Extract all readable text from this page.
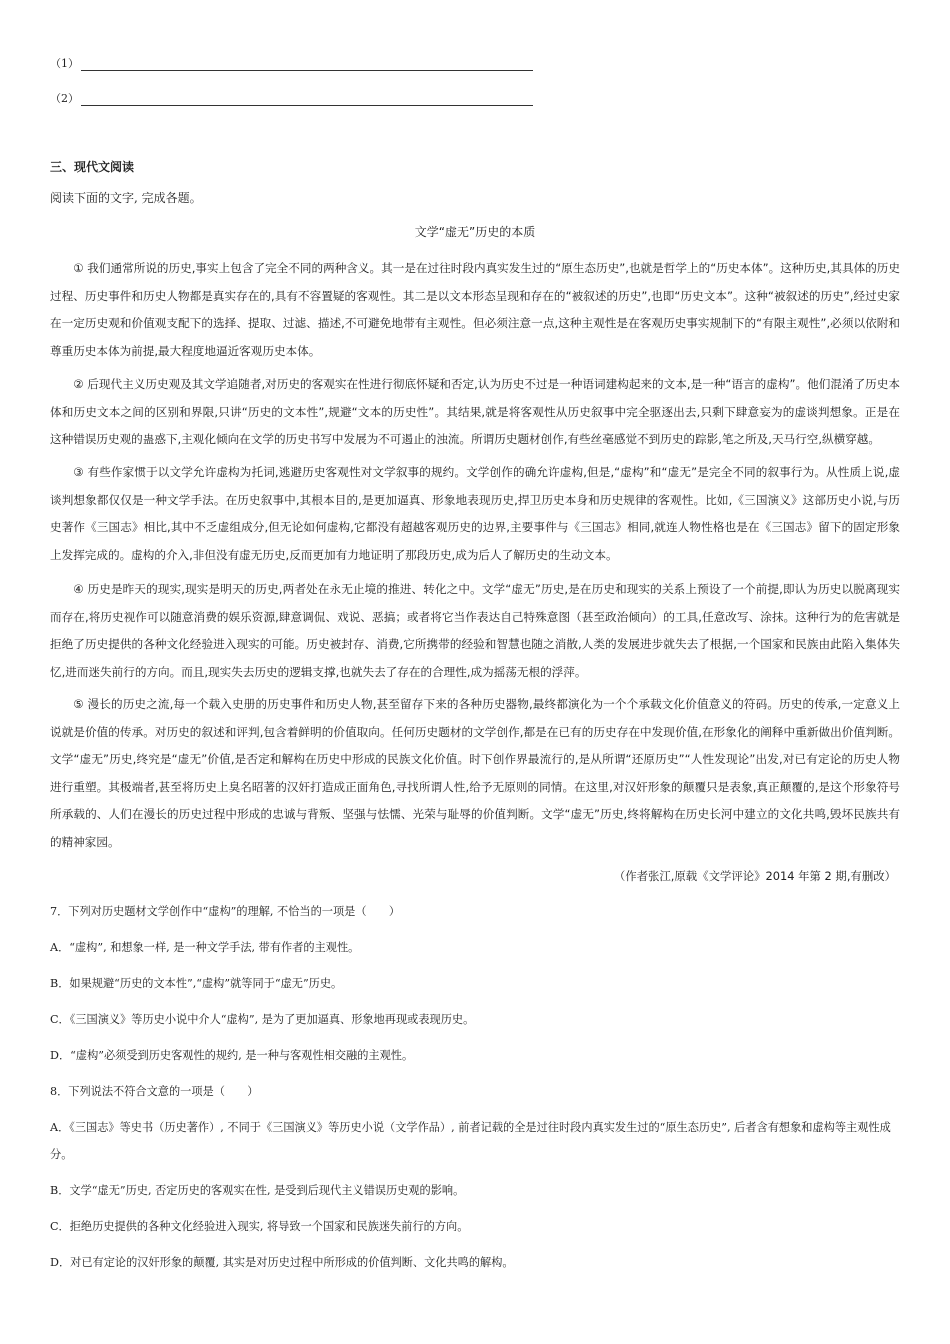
（1）
（2）
三、现代文阅读
阅读下面的文字, 完成各题。
文学“虚无”历史的本质

① 我们通常所说的历史,事实上包含了完全不同的两种含义。其一是在过往时段内真实发生过的“原生态历史”,也就是哲学上的“历史本体”。这种历史,其具体的历史过程、历史事件和历史人物都是真实存在的,具有不容置疑的客观性。其二是以文本形态呈现和存在的“被叙述的历史”,也即“历史文本”。这种“被叙述的历史”,经过史家在一定历史观和价值观支配下的选择、提取、过滤、描述,不可避免地带有主观性。但必须注意一点,这种主观性是在客观历史事实规制下的“有限主观性”,必须以依附和尊重历史本体为前提,最大程度地逼近客观历史本体。

② 后现代主义历史观及其文学追随者,对历史的客观实在性进行彻底怀疑和否定,认为历史不过是一种语词建构起来的文本,是一种“语言的虚构”。他们混淆了历史本体和历史文本之间的区别和界限,只讲“历史的文本性”,规避“文本的历史性”。其结果,就是将客观性从历史叙事中完全驱逐出去,只剩下肆意妄为的虚谈判想象。正是在这种错误历史观的蛊惑下,主观化倾向在文学的历史书写中发展为不可遏止的浊流。所谓历史题材创作,有些丝毫感觉不到历史的踪影,笔之所及,天马行空,纵横穿越。

③ 有些作家惯于以文学允许虚构为托词,逃避历史客观性对文学叙事的规约。文学创作的确允许虚构,但是,“虚构”和“虚无”是完全不同的叙事行为。从性质上说,虚谈判想象都仅仅是一种文学手法。在历史叙事中,其根本目的,是更加逼真、形象地表现历史,捍卫历史本身和历史规律的客观性。比如,《三国演义》这部历史小说,与历史著作《三国志》相比,其中不乏虚组成分,但无论如何虚构,它都没有超越客观历史的边界,主要事件与《三国志》相同,就连人物性格也是在《三国志》留下的固定形象上发挥完成的。虚构的介入,非但没有虚无历史,反而更加有力地证明了那段历史,成为后人了解历史的生动文本。

④ 历史是昨天的现实,现实是明天的历史,两者处在永无止境的推进、转化之中。文学“虚无”历史,是在历史和现实的关系上预设了一个前提,即认为历史以脱离现实而存在,将历史视作可以随意消费的娱乐资源,肆意调侃、戏说、恶搞；或者将它当作表达自己特殊意图（甚至政治倾向）的工具,任意改写、涂抹。这种行为的危害就是拒绝了历史提供的各种文化经验进入现实的可能。历史被封存、消费,它所携带的经验和智慧也随之消散,人类的发展进步就失去了根据,一个国家和民族由此陷入集体失忆,进而迷失前行的方向。而且,现实失去历史的逻辑支撑,也就失去了存在的合理性,成为摇荡无根的浮萍。

⑤ 漫长的历史之流,每一个载入史册的历史事件和历史人物,甚至留存下来的各种历史器物,最终都演化为一个个承载文化价值意义的符码。历史的传承,一定意义上说就是价值的传承。对历史的叙述和评判,包含着鲜明的价值取向。任何历史题材的文学创作,都是在已有的历史存在中发现价值,在形象化的阐释中重新做出价值判断。文学“虚无”历史,终究是“虚无”价值,是否定和解构在历史中形成的民族文化价值。时下创作界最流行的,是从所谓“还原历史”“人性发现论”出发,对已有定论的历史人物进行重塑。其极端者,甚至将历史上臭名昭著的汉奸打造成正面角色,寻找所谓人性,给予无原则的同情。在这里,对汉奸形象的颠覆只是表象,真正颠覆的,是这个形象符号所承载的、人们在漫长的历史过程中形成的忠诚与背叛、坚强与怯懦、光荣与耻辱的价值判断。文学“虚无”历史,终将解构在历史长河中建立的文化共鸣,毁坏民族共有的精神家园。

（作者张江,原载《文学评论》2014 年第 2 期,有删改）

7．下列对历史题材文学创作中“虚构”的理解, 不恰当的一项是（　　）

A．“虚构”, 和想象一样, 是一种文学手法, 带有作者的主观性。

B．如果规避“历史的文本性”,“虚构”就等同于“虚无”历史。

C．《三国演义》等历史小说中介人“虚构”, 是为了更加逼真、形象地再现或表现历史。

D．“虚构”必须受到历史客观性的规约, 是一种与客观性相交融的主观性。

8．下列说法不符合文意的一项是（　　）

A．《三国志》等史书（历史著作）, 不同于《三国演义》等历史小说（文学作品）, 前者记载的全是过往时段内真实发生过的“原生态历史”, 后者含有想象和虚构等主观性成分。

B．文学“虚无”历史, 否定历史的客观实在性, 是受到后现代主义错误历史观的影响。

C．拒绝历史提供的各种文化经验进入现实, 将导致一个国家和民族迷失前行的方向。

D．对已有定论的汉奸形象的颠覆, 其实是对历史过程中所形成的价值判断、文化共鸣的解构。
